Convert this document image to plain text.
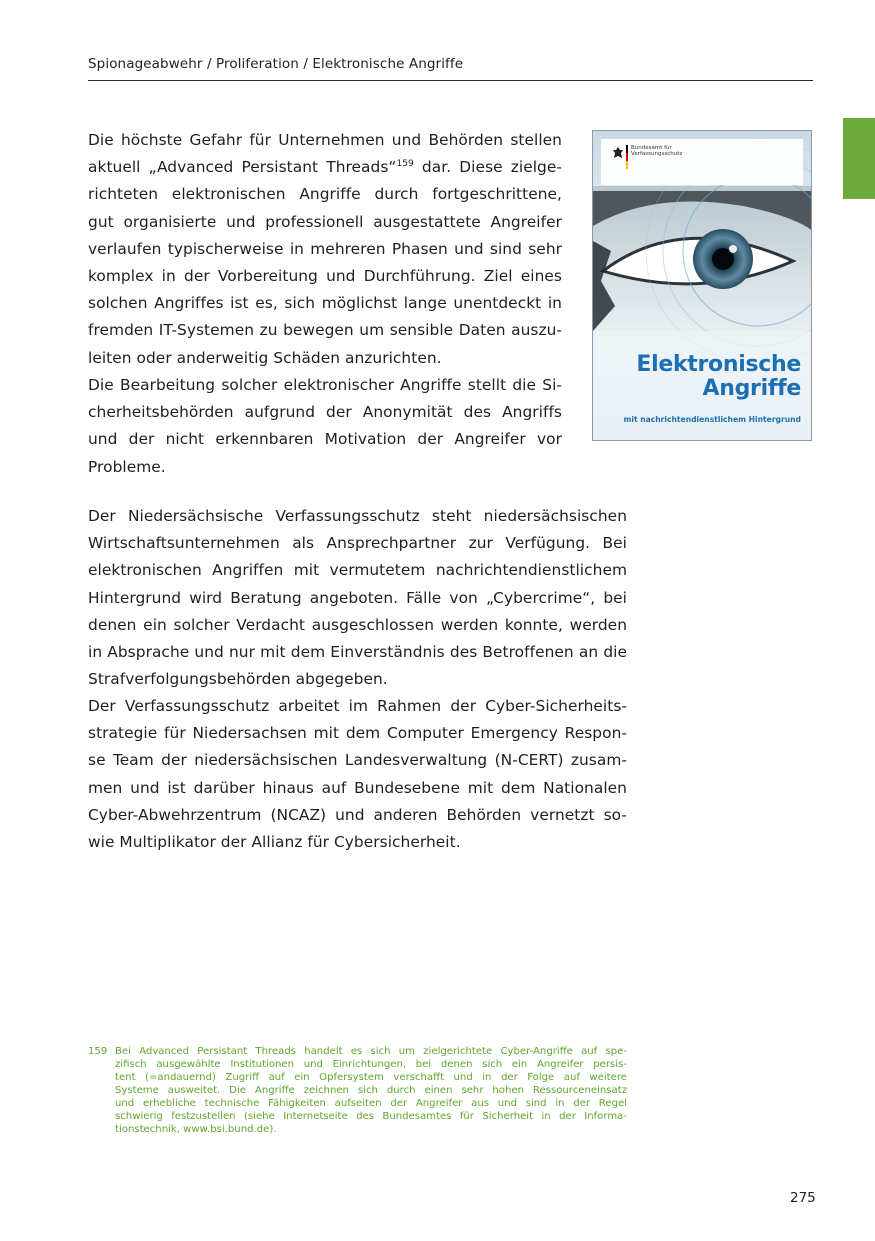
Spionageabwehr / Proliferation / Elektronische Angriffe
Die höchste Gefahr für Unternehmen und Behörden stellen
aktuell „Advanced Persistant Threads“$^{159}$ dar. Diese zielge-
richteten elektronischen Angriffe durch fortgeschrittene,
gut organisierte und professionell ausgestattete Angreifer
verlaufen typischerweise in mehreren Phasen und sind sehr
komplex in der Vorbereitung und Durchführung. Ziel eines
solchen Angriffes ist es, sich möglichst lange unentdeckt in
fremden IT-Systemen zu bewegen um sensible Daten auszu-
leiten oder anderweitig Schäden anzurichten.
Die Bearbeitung solcher elektronischer Angriffe stellt die Si-
cherheitsbehörden aufgrund der Anonymität des Angriffs
und der nicht erkennbaren Motivation der Angreifer vor
Probleme.
Bundesamt für
Verfassungsschutz
Elektronische
Angriffe
mit nachrichtendienstlichem Hintergrund
Der Niedersächsische Verfassungsschutz steht niedersächsischen
Wirtschaftsunternehmen als Ansprechpartner zur Verfügung. Bei
elektronischen Angriffen mit vermutetem nachrichtendienstlichem
Hintergrund wird Beratung angeboten. Fälle von „Cybercrime“, bei
denen ein solcher Verdacht ausgeschlossen werden konnte, werden
in Absprache und nur mit dem Einverständnis des Betroffenen an die
Strafverfolgungsbehörden abgegeben.
Der Verfassungsschutz arbeitet im Rahmen der Cyber-Sicherheits-
strategie für Niedersachsen mit dem Computer Emergency Respon-
se Team der niedersächsischen Landesverwaltung (N-CERT) zusam-
men und ist darüber hinaus auf Bundesebene mit dem Nationalen
Cyber-Abwehrzentrum (NCAZ) und anderen Behörden vernetzt so-
wie Multiplikator der Allianz für Cybersicherheit.
159 Bei Advanced Persistant Threads handelt es sich um zielgerichtete Cyber-Angriffe auf spe-
zifisch ausgewählte Institutionen und Einrichtungen, bei denen sich ein Angreifer persis-
tent (=andauernd) Zugriff auf ein Opfersystem verschafft und in der Folge auf weitere
Systeme ausweitet. Die Angriffe zeichnen sich durch einen sehr hohen Ressourceneinsatz
und erhebliche technische Fähigkeiten aufseiten der Angreifer aus und sind in der Regel
schwierig festzustellen (siehe Internetseite des Bundesamtes für Sicherheit in der Informa-
tionstechnik, www.bsi.bund.de).
275
